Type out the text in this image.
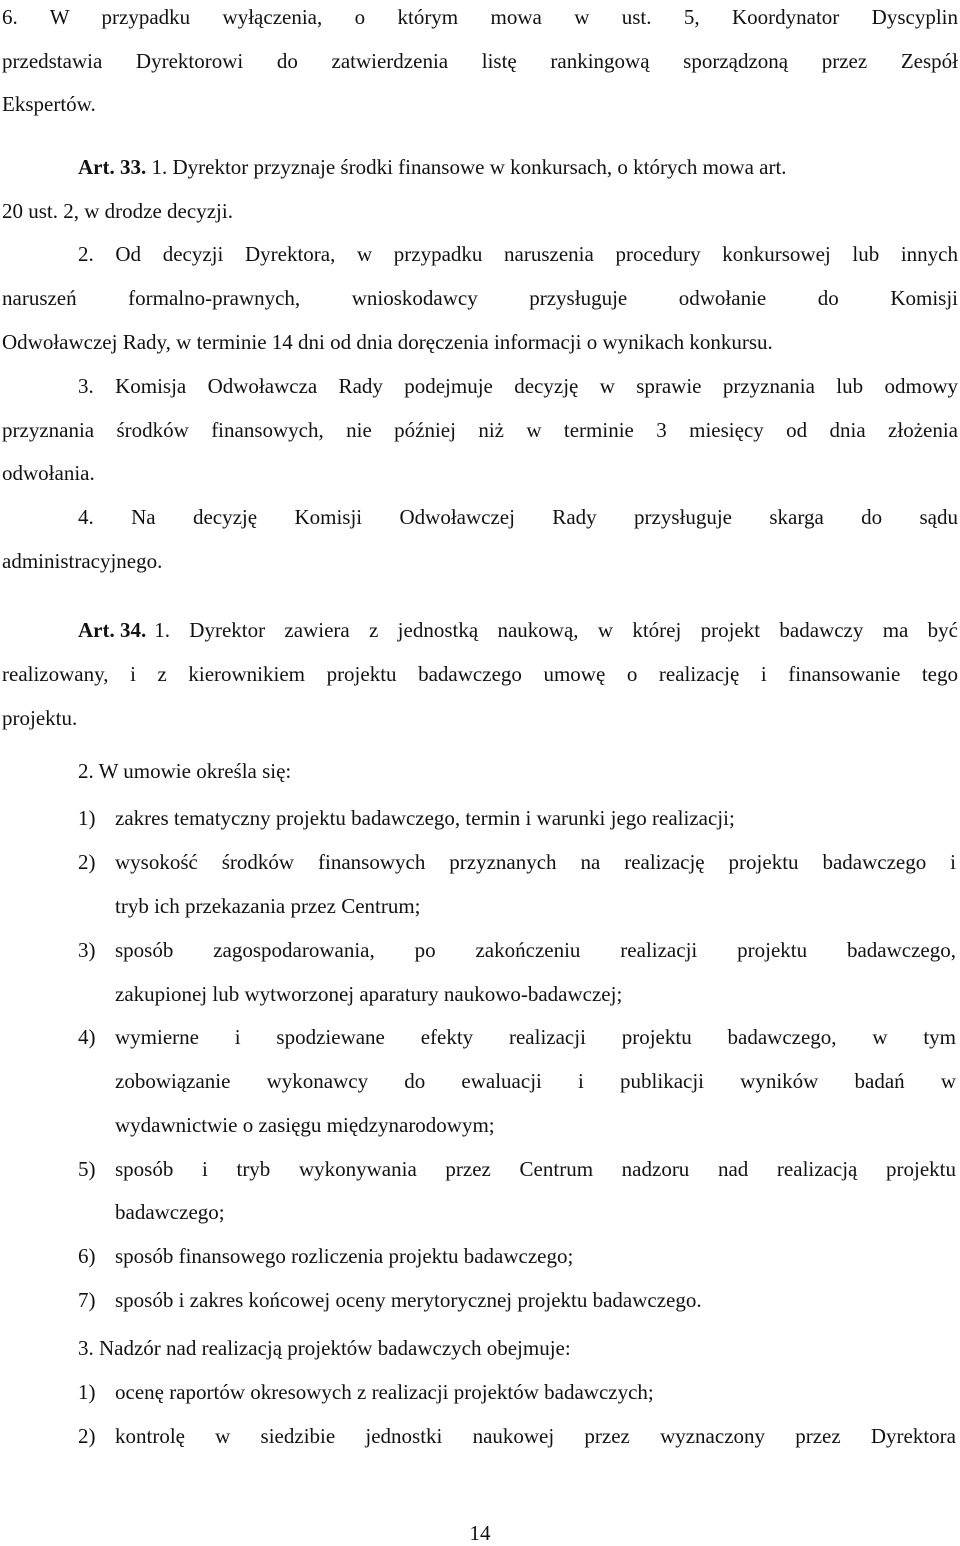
6. W przypadku wyłączenia, o którym mowa w ust. 5, Koordynator Dyscyplin

przedstawia Dyrektorowi do zatwierdzenia listę rankingową sporządzoną przez Zespół

Ekspertów.

Art. 33. 1. Dyrektor przyznaje środki finansowe w konkursach, o których mowa art.

20 ust. 2, w drodze decyzji.

2. Od decyzji Dyrektora, w przypadku naruszenia procedury konkursowej lub innych

naruszeń formalno-prawnych, wnioskodawcy przysługuje odwołanie do Komisji

Odwoławczej Rady, w terminie 14 dni od dnia doręczenia informacji o wynikach konkursu.

3. Komisja Odwoławcza Rady podejmuje decyzję w sprawie przyznania lub odmowy

przyznania środków finansowych, nie później niż w terminie 3 miesięcy od dnia złożenia

odwołania.

4. Na decyzję Komisji Odwoławczej Rady przysługuje skarga do sądu

administracyjnego.

Art. 34. 1. Dyrektor zawiera z jednostką naukową, w której projekt badawczy ma być

realizowany, i z kierownikiem projektu badawczego umowę o realizację i finansowanie tego

projektu.

2. W umowie określa się:

1) zakres tematyczny projektu badawczego, termin i warunki jego realizacji;
2) wysokość środków finansowych przyznanych na realizację projektu badawczego i
tryb ich przekazania przez Centrum;
3) sposób zagospodarowania, po zakończeniu realizacji projektu badawczego,
zakupionej lub wytworzonej aparatury naukowo-badawczej;
4) wymierne i spodziewane efekty realizacji projektu badawczego, w tym
zobowiązanie wykonawcy do ewaluacji i publikacji wyników badań w
wydawnictwie o zasięgu międzynarodowym;
5) sposób i tryb wykonywania przez Centrum nadzoru nad realizacją projektu
badawczego;
6) sposób finansowego rozliczenia projektu badawczego;
7) sposób i zakres końcowej oceny merytorycznej projektu badawczego.

3. Nadzór nad realizacją projektów badawczych obejmuje:

1) ocenę raportów okresowych z realizacji projektów badawczych;
2) kontrolę w siedzibie jednostki naukowej przez wyznaczony przez Dyrektora

14
